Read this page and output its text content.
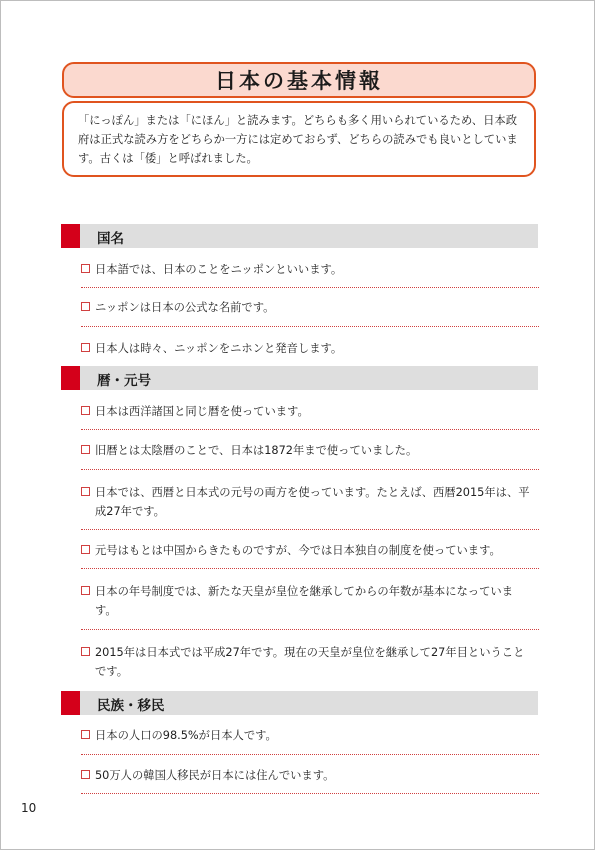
日本の基本情報
「にっぽん」または「にほん」と読みます。どちらも多く用いられているため、日本政府は正式な読み方をどちらか一方には定めておらず、どちらの読みでも良いとしています。古くは「倭」と呼ばれました。
国名
日本語では、日本のことをニッポンといいます。
ニッポンは日本の公式な名前です。
日本人は時々、ニッポンをニホンと発音します。
暦・元号
日本は西洋諸国と同じ暦を使っています。
旧暦とは太陰暦のことで、日本は1872年まで使っていました。
日本では、西暦と日本式の元号の両方を使っています。たとえば、西暦2015年は、平成27年です。
元号はもとは中国からきたものですが、今では日本独自の制度を使っています。
日本の年号制度では、新たな天皇が皇位を継承してからの年数が基本になっています。
2015年は日本式では平成27年です。現在の天皇が皇位を継承して27年目ということです。
民族・移民
日本の人口の98.5%が日本人です。
50万人の韓国人移民が日本には住んでいます。
10
